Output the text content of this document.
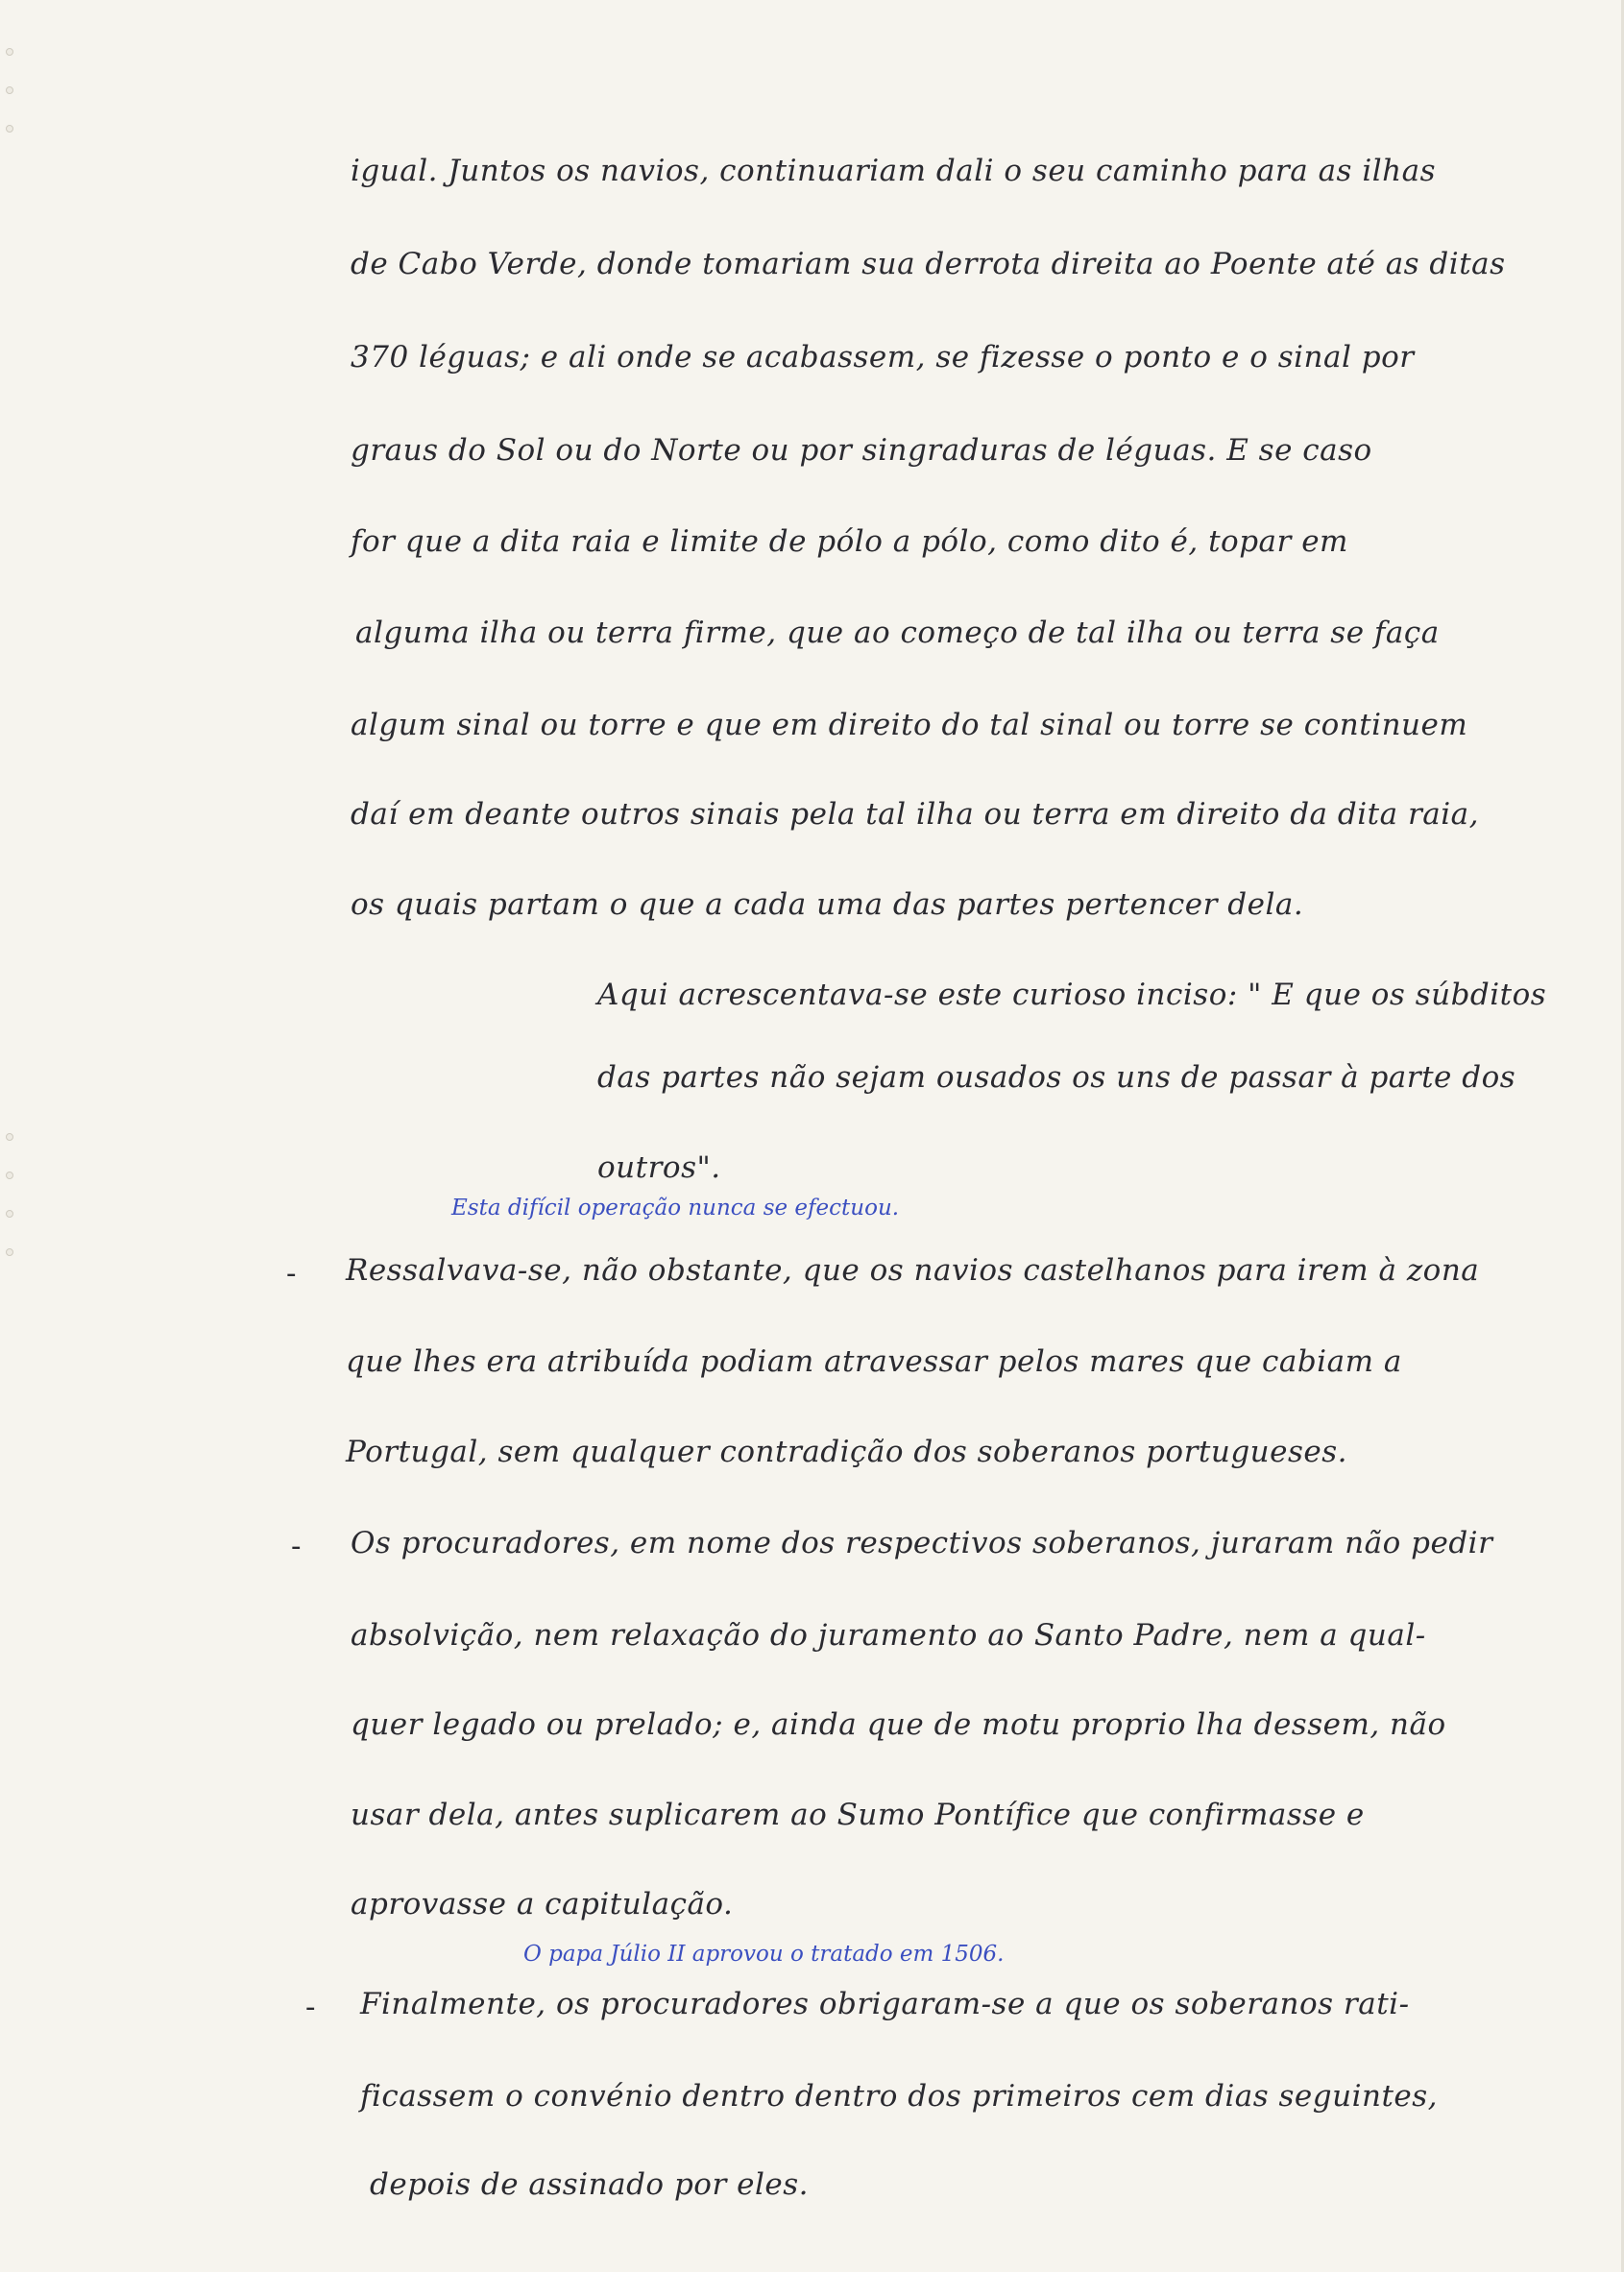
igual. Juntos os navios, continuariam dali o seu caminho para as ilhas
de Cabo Verde, donde tomariam sua derrota direita ao Poente até as ditas
370 léguas; e ali onde se acabassem, se fizesse o ponto e o sinal por
graus do Sol ou do Norte ou por singraduras de léguas. E se caso
for que a dita raia e limite de pólo a pólo, como dito é, topar em
alguma ilha ou terra firme, que ao começo de tal ilha ou terra se faça
algum sinal ou torre e que em direito do tal sinal ou torre se continuem
daí em deante outros sinais pela tal ilha ou terra em direito da dita raia,
os quais partam o que a cada uma das partes pertencer dela.
Aqui acrescentava-se este curioso inciso: " E que os súbditos
das partes não sejam ousados os uns de passar à parte dos
outros".
Esta difícil operação nunca se efectuou.
- Ressalvava-se, não obstante, que os navios castelhanos para irem à zona
que lhes era atribuída podiam atravessar pelos mares que cabiam a
Portugal, sem qualquer contradição dos soberanos portugueses.
- Os procuradores, em nome dos respectivos soberanos, juraram não pedir
absolvição, nem relaxação do juramento ao Santo Padre, nem a qual-
quer legado ou prelado; e, ainda que de motu proprio lha dessem, não
usar dela, antes suplicarem ao Sumo Pontífice que confirmasse e
aprovasse a capitulação.
O papa Júlio II aprovou o tratado em 1506.
- Finalmente, os procuradores obrigaram-se a que os soberanos rati-
ficassem o convénio dentro dentro dos primeiros cem dias seguintes,
depois de assinado por eles.
